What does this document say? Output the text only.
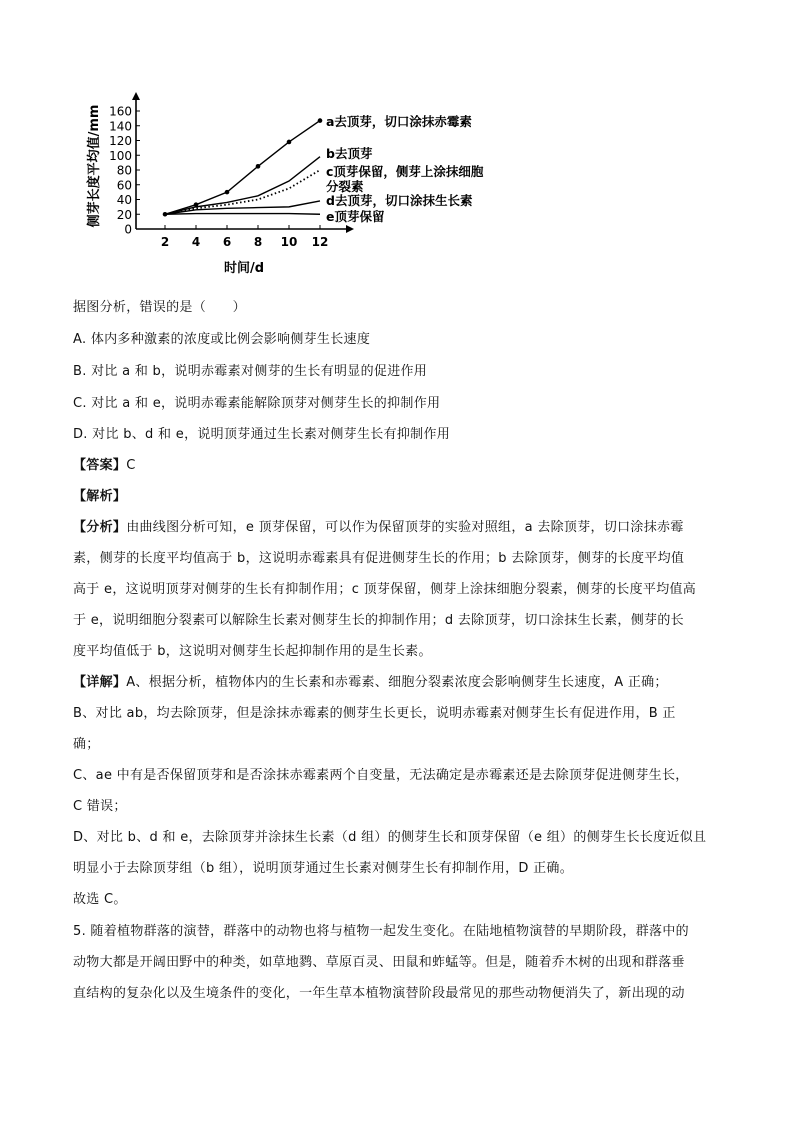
0
20
40
60
80
100
120
140
160
2 4 6 8 10 12
a去顶芽，切口涂抹赤霉素
b去顶芽
c顶芽保留，侧芽上涂抹细胞
分裂素
d去顶芽，切口涂抹生长素
e顶芽保留
侧芽长度平均值/mm
时间/d
据图分析，错误的是（　　）
A. 体内多种激素的浓度或比例会影响侧芽生长速度
B. 对比 a 和 b，说明赤霉素对侧芽的生长有明显的促进作用
C. 对比 a 和 e，说明赤霉素能解除顶芽对侧芽生长的抑制作用
D. 对比 b、d 和 e，说明顶芽通过生长素对侧芽生长有抑制作用
【答案】C
【解析】
【分析】由曲线图分析可知，e 顶芽保留，可以作为保留顶芽的实验对照组，a 去除顶芽，切口涂抹赤霉
素，侧芽的长度平均值高于 b，这说明赤霉素具有促进侧芽生长的作用；b 去除顶芽，侧芽的长度平均值
高于 e，这说明顶芽对侧芽的生长有抑制作用；c 顶芽保留，侧芽上涂抹细胞分裂素，侧芽的长度平均值高
于 e，说明细胞分裂素可以解除生长素对侧芽生长的抑制作用；d 去除顶芽，切口涂抹生长素，侧芽的长
度平均值低于 b，这说明对侧芽生长起抑制作用的是生长素。
【详解】A、根据分析，植物体内的生长素和赤霉素、细胞分裂素浓度会影响侧芽生长速度，A 正确；
B、对比 ab，均去除顶芽，但是涂抹赤霉素的侧芽生长更长，说明赤霉素对侧芽生长有促进作用，B 正
确；
C、ae 中有是否保留顶芽和是否涂抹赤霉素两个自变量，无法确定是赤霉素还是去除顶芽促进侧芽生长，
C 错误；
D、对比 b、d 和 e，去除顶芽并涂抹生长素（d 组）的侧芽生长和顶芽保留（e 组）的侧芽生长长度近似且
明显小于去除顶芽组（b 组），说明顶芽通过生长素对侧芽生长有抑制作用，D 正确。
故选 C。
5. 随着植物群落的演替，群落中的动物也将与植物一起发生变化。在陆地植物演替的早期阶段，群落中的
动物大都是开阔田野中的种类，如草地鹨、草原百灵、田鼠和蚱蜢等。但是，随着乔木树的出现和群落垂
直结构的复杂化以及生境条件的变化，一年生草本植物演替阶段最常见的那些动物便消失了，新出现的动
